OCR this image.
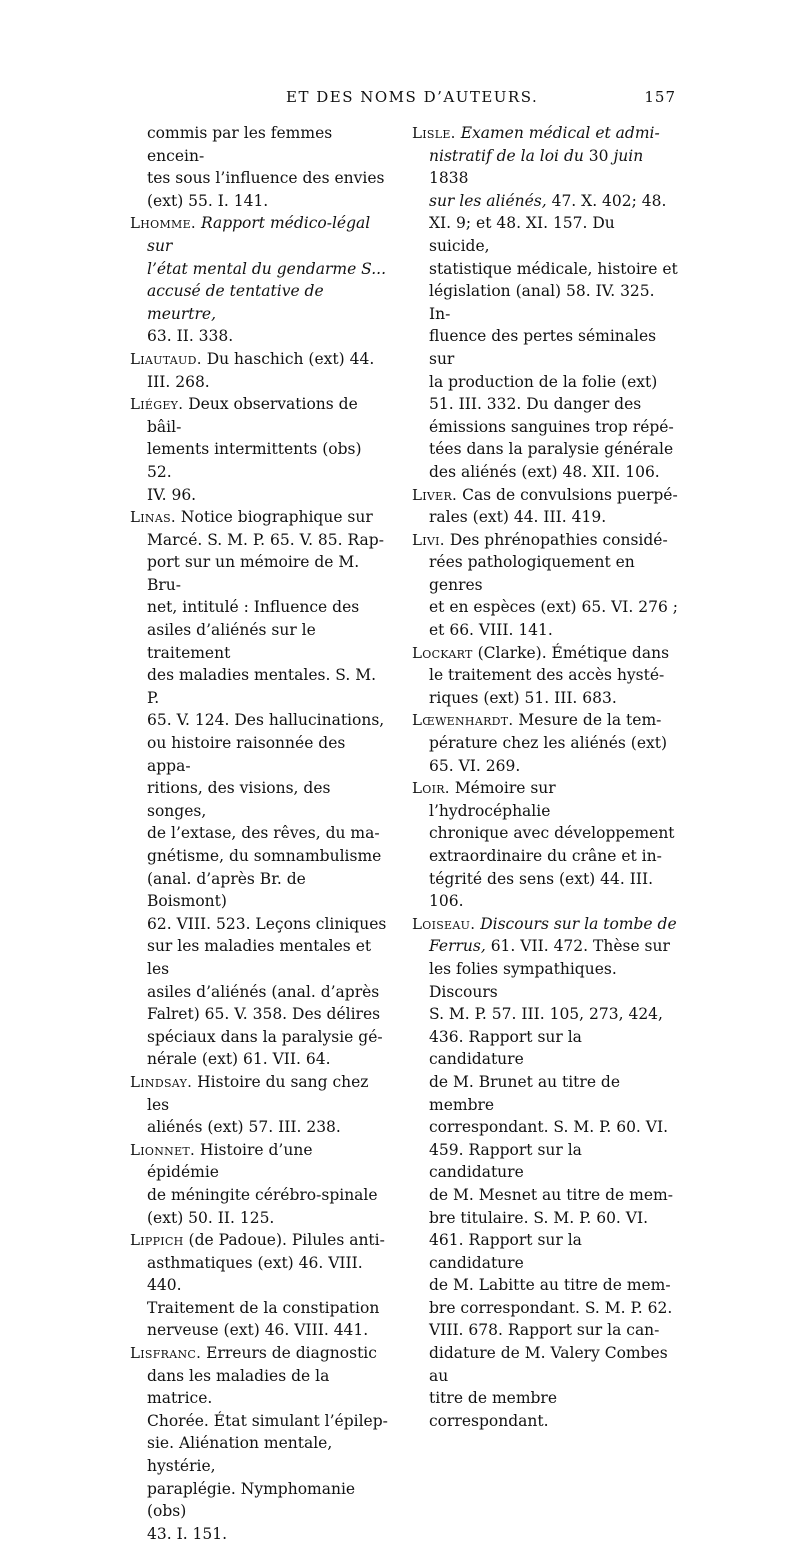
ET DES NOMS D’AUTEURS.	157

commis par les femmes encein-
tes sous l’influence des envies
(ext) 55. I. 141.

Lhomme. Rapport médico-légal sur
l’état mental du gendarme S...
accusé de tentative de meurtre,
63. II. 338.

Liautaud. Du haschich (ext) 44.
III. 268.

Liégey. Deux observations de bâil-
lements intermittents (obs) 52.
IV. 96.

Linas. Notice biographique sur
Marcé. S. M. P. 65. V. 85. Rap-
port sur un mémoire de M. Bru-
net, intitulé : Influence des
asiles d’aliénés sur le traitement
des maladies mentales. S. M. P.
65. V. 124. Des hallucinations,
ou histoire raisonnée des appa-
ritions, des visions, des songes,
de l’extase, des rêves, du ma-
gnétisme, du somnambulisme
(anal. d’après Br. de Boismont)
62. VIII. 523. Leçons cliniques
sur les maladies mentales et les
asiles d’aliénés (anal. d’après
Falret) 65. V. 358. Des délires
spéciaux dans la paralysie gé-
nérale (ext) 61. VII. 64.

Lindsay. Histoire du sang chez les
aliénés (ext) 57. III. 238.

Lionnet. Histoire d’une épidémie
de méningite cérébro-spinale
(ext) 50. II. 125.

Lippich (de Padoue). Pilules anti-
asthmatiques (ext) 46. VIII. 440.
Traitement de la constipation
nerveuse (ext) 46. VIII. 441.

Lisfranc. Erreurs de diagnostic
dans les maladies de la matrice.
Chorée. État simulant l’épilep-
sie. Aliénation mentale, hystérie,
paraplégie. Nymphomanie (obs)
43. I. 151.

Lisle. Examen médical et admi-
nistratif de la loi du 30 juin 1838
sur les aliénés, 47. X. 402; 48.
XI. 9; et 48. XI. 157. Du suicide,
statistique médicale, histoire et
législation (anal) 58. IV. 325. In-
fluence des pertes séminales sur
la production de la folie (ext)
51. III. 332. Du danger des
émissions sanguines trop répé-
tées dans la paralysie générale
des aliénés (ext) 48. XII. 106.

Liver. Cas de convulsions puerpé-
rales (ext) 44. III. 419.

Livi. Des phrénopathies considé-
rées pathologiquement en genres
et en espèces (ext) 65. VI. 276 ;
et 66. VIII. 141.

Lockart (Clarke). Émétique dans
le traitement des accès hysté-
riques (ext) 51. III. 683.

Lœwenhardt. Mesure de la tem-
pérature chez les aliénés (ext)
65. VI. 269.

Loir. Mémoire sur l’hydrocéphalie
chronique avec développement
extraordinaire du crâne et in-
tégrité des sens (ext) 44. III.
106.

Loiseau. Discours sur la tombe de
Ferrus, 61. VII. 472. Thèse sur
les folies sympathiques. Discours
S. M. P. 57. III. 105, 273, 424,
436. Rapport sur la candidature
de M. Brunet au titre de membre
correspondant. S. M. P. 60. VI.
459. Rapport sur la candidature
de M. Mesnet au titre de mem-
bre titulaire. S. M. P. 60. VI.
461. Rapport sur la candidature
de M. Labitte au titre de mem-
bre correspondant. S. M. P. 62.
VIII. 678. Rapport sur la can-
didature de M. Valery Combes au
titre de membre correspondant.
